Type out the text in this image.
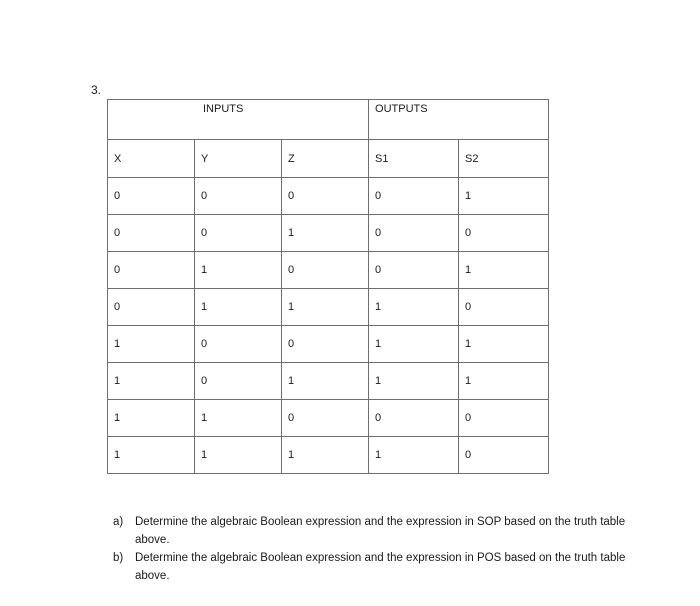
3.
INPUTS			OUTPUTS	
X	Y	Z	S1	S2
0	0	0	0	1
0	0	1	0	0
0	1	0	0	1
0	1	1	1	0
1	0	0	1	1
1	0	1	1	1
1	1	0	0	0
1	1	1	1	0
a)	Determine the algebraic Boolean expression and the expression in SOP based on the truth table above.
b)	Determine the algebraic Boolean expression and the expression in POS based on the truth table above.
